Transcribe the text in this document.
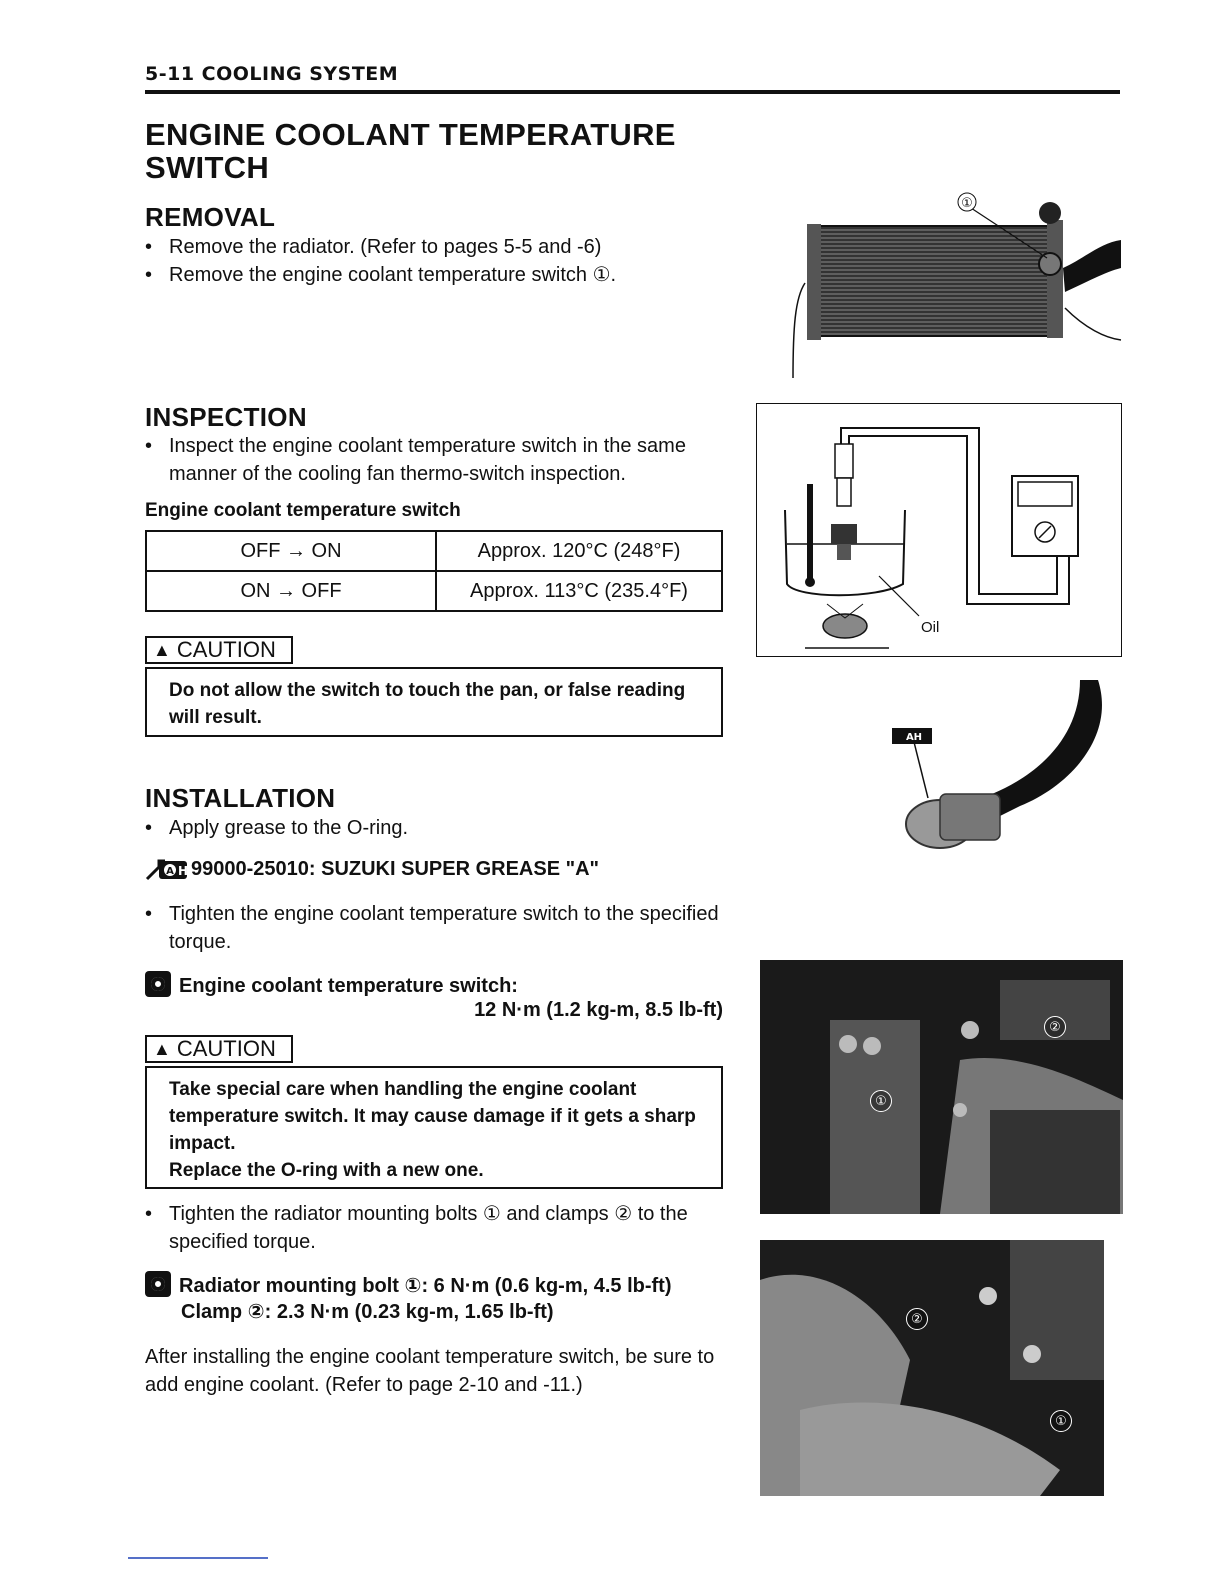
5-11 COOLING SYSTEM
ENGINE COOLANT TEMPERATURE SWITCH
REMOVAL

• Remove the radiator. (Refer to pages 5-5 and -6)

• Remove the engine coolant temperature switch ①.

INSPECTION

• Inspect the engine coolant temperature switch in the same manner of the cooling fan thermo-switch inspection.

Engine coolant temperature switch
OFF → ON	Approx. 120°C (248°F)
ON → OFF	Approx. 113°C (235.4°F)
▲ CAUTION
Do not allow the switch to touch the pan, or false reading will result.
INSTALLATION

• Apply grease to the O-ring.

A H 99000-25010: SUZUKI SUPER GREASE "A"

• Tighten the engine coolant temperature switch to the specified torque.

Engine coolant temperature switch:
12 N·m (1.2 kg-m, 8.5 lb-ft)
▲ CAUTION
Take special care when handling the engine coolant temperature switch. It may cause damage if it gets a sharp impact.
Replace the O-ring with a new one.

• Tighten the radiator mounting bolts ① and clamps ② to the specified torque.

Radiator mounting bolt ①: 6 N·m (0.6 kg-m, 4.5 lb-ft)
Clamp ②: 2.3 N·m (0.23 kg-m, 1.65 lb-ft)

After installing the engine coolant temperature switch, be sure to add engine coolant. (Refer to page 2-10 and -11.)

①
Oil
AH
①
②
②
①
